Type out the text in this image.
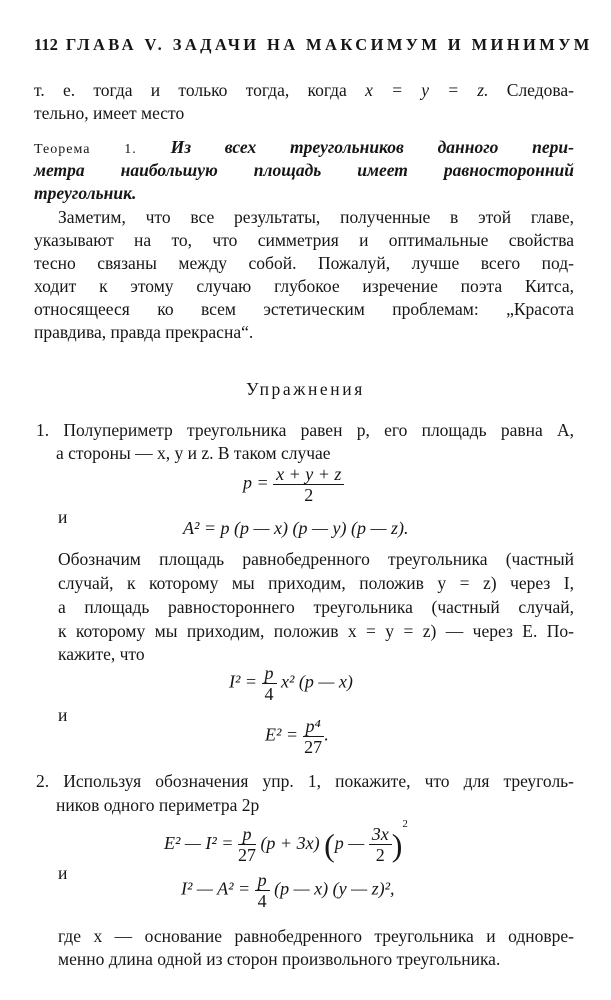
112 ГЛАВА V. ЗАДАЧИ НА МАКСИМУМ И МИНИМУМ
т. е. тогда и только тогда, когда x = y = z. Следова-
тельно, имеет место
Теорема 1. Из всех треугольников данного пери-
метра наибольшую площадь имеет равносторонний
треугольник.
Заметим, что все результаты, полученные в этой главе,
указывают на то, что симметрия и оптимальные свойства
тесно связаны между собой. Пожалуй, лучше всего под-
ходит к этому случаю глубокое изречение поэта Китса,
относящееся ко всем эстетическим проблемам: „Красота
правдива, правда прекрасна“.
Упражнения
1. Полупериметр треугольника равен p, его площадь равна A,
а стороны — x, y и z. В таком случае
$p = \frac{x + y + z}{2}$
и
A² = p (p — x) (p — y) (p — z).
Обозначим площадь равнобедренного треугольника (частный
случай, к которому мы приходим, положив y = z) через I,
а площадь равностороннего треугольника (частный случай,
к которому мы приходим, положив x = y = z) — через E. По-
кажите, что
$I^2 = \frac{p}{4} x^2$ (p — x)
и
$E^2 = \frac{\text{p⁴}}{27}$ .
2. Используя обозначения упр. 1, покажите, что для треуголь-
ников одного периметра 2p
E² — $I^2 = \frac{p}{27} (p + 3x)$ (p — $\frac{3x}{2} )^2$
и
I² — $A^2 = \frac{p}{4} (p$ — x) (y — z)²,
где x — основание равнобедренного треугольника и одновре-
менно длина одной из сторон произвольного треугольника.
